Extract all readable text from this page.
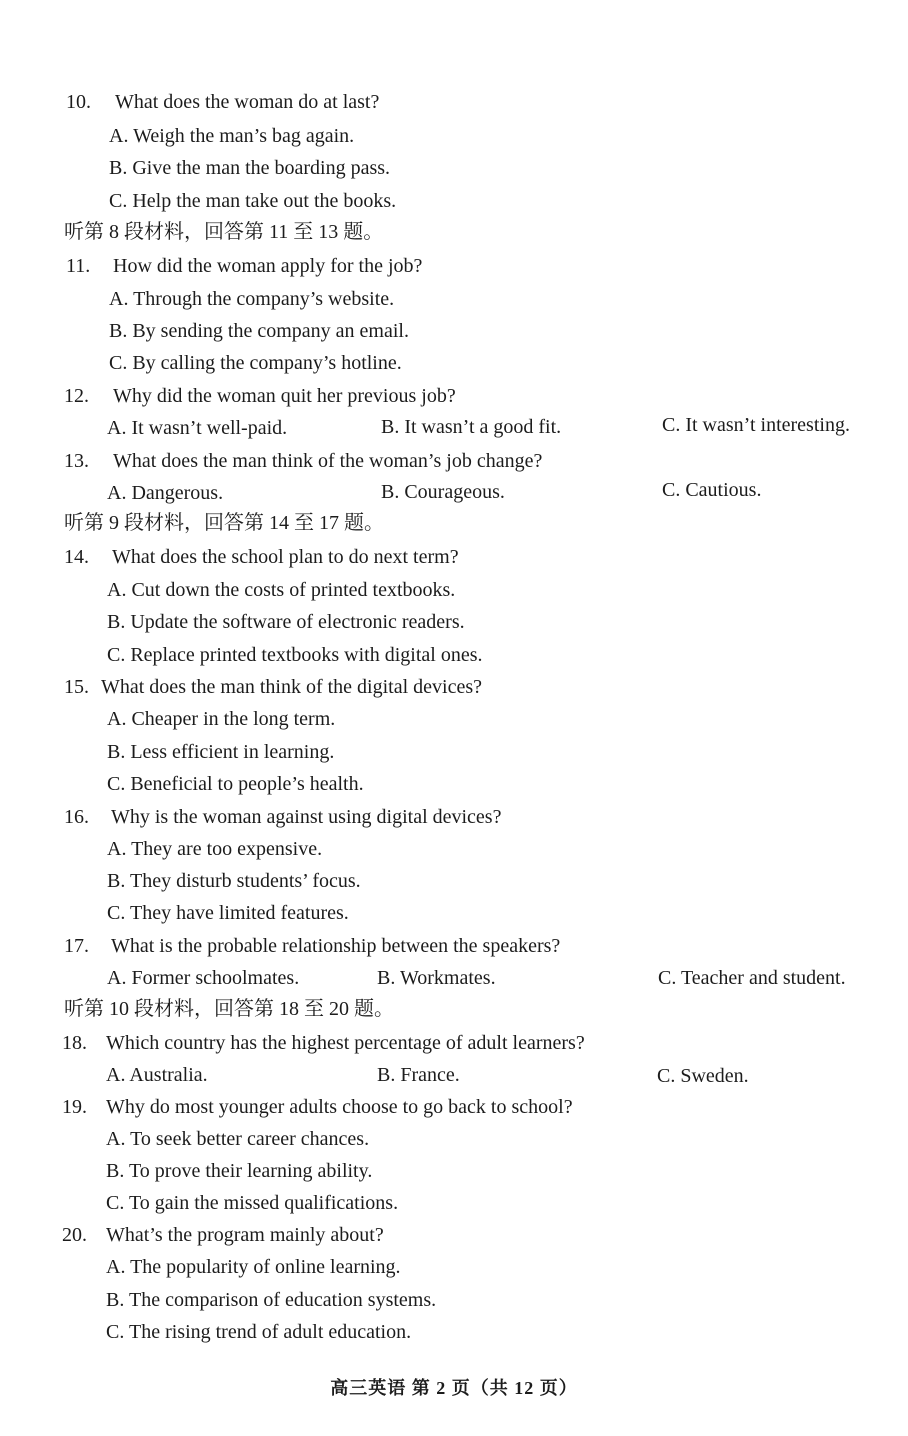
10. What does the woman do at last?
A. Weigh the man’s bag again.
B. Give the man the boarding pass.
C. Help the man take out the books.
听第 8 段材料，回答第 11 至 13 题。
11. How did the woman apply for the job?
A. Through the company’s website.
B. By sending the company an email.
C. By calling the company’s hotline.
12. Why did the woman quit her previous job?
A. It wasn’t well-paid.	B. It wasn’t a good fit.	C. It wasn’t interesting.
13. What does the man think of the woman’s job change?
A. Dangerous.	B. Courageous.	C. Cautious.
听第 9 段材料，回答第 14 至 17 题。
14. What does the school plan to do next term?
A. Cut down the costs of printed textbooks.
B. Update the software of electronic readers.
C. Replace printed textbooks with digital ones.
15. What does the man think of the digital devices?
A. Cheaper in the long term.
B. Less efficient in learning.
C. Beneficial to people’s health.
16. Why is the woman against using digital devices?
A. They are too expensive.
B. They disturb students’ focus.
C. They have limited features.
17. What is the probable relationship between the speakers?
A. Former schoolmates.	B. Workmates.	C. Teacher and student.
听第 10 段材料，回答第 18 至 20 题。
18. Which country has the highest percentage of adult learners?
A. Australia.	B. France.	C. Sweden.
19. Why do most younger adults choose to go back to school?
A. To seek better career chances.
B. To prove their learning ability.
C. To gain the missed qualifications.
20. What’s the program mainly about?
A. The popularity of online learning.
B. The comparison of education systems.
C. The rising trend of adult education.
高三英语 第 2 页（共 12 页）
